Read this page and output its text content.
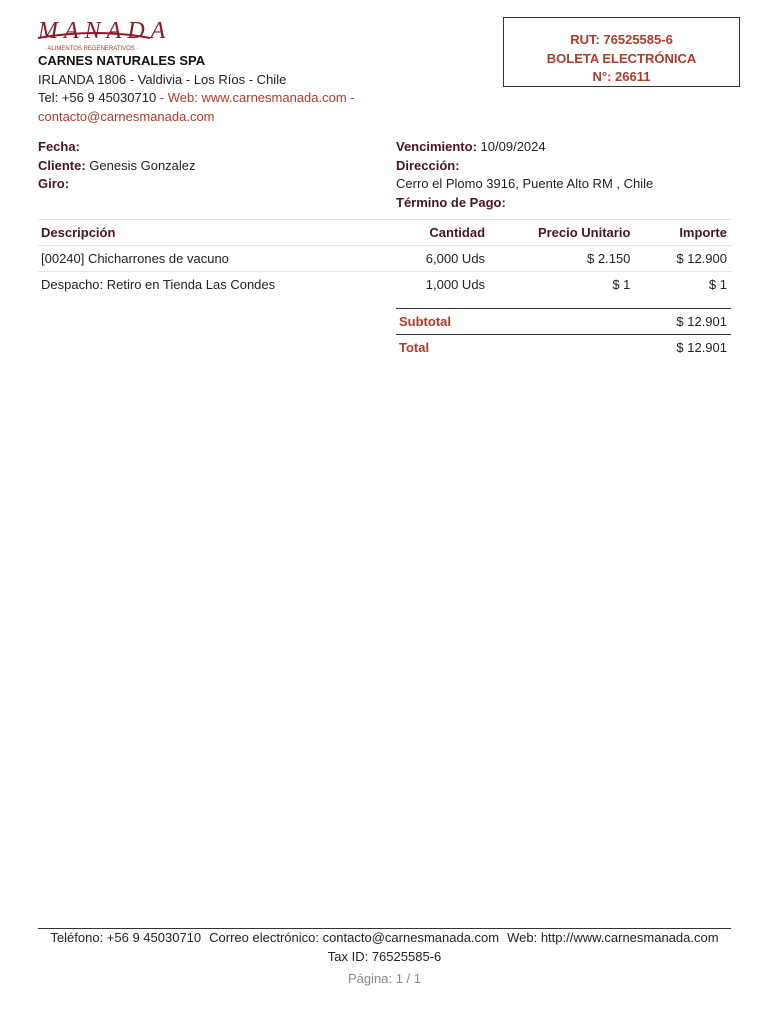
MANADA
· ALIMENTOS REGENERATIVOS ·
CARNES NATURALES SPA
IRLANDA 1806 - Valdivia - Los Ríos - Chile
Tel: +56 9 45030710 - Web: www.carnesmanada.com -
contacto@carnesmanada.com
RUT: 76525585-6
BOLETA ELECTRÓNICA
N°: 26611
Fecha:
Cliente: Genesis Gonzalez
Giro:
Vencimiento: 10/09/2024
Dirección:
Cerro el Plomo 3916, Puente Alto RM , Chile
Término de Pago:
Descripción	Cantidad	Precio Unitario	Importe
[00240] Chicharrones de vacuno	6,000 Uds	$ 2.150	$ 12.900
Despacho: Retiro en Tienda Las Condes	1,000 Uds	$ 1	$ 1
Subtotal	$ 12.901
Total	$ 12.901
Teléfono: +56 9 45030710 Correo electrónico: contacto@carnesmanada.com Web: http://www.carnesmanada.com
Tax ID: 76525585-6
Página: 1 / 1
